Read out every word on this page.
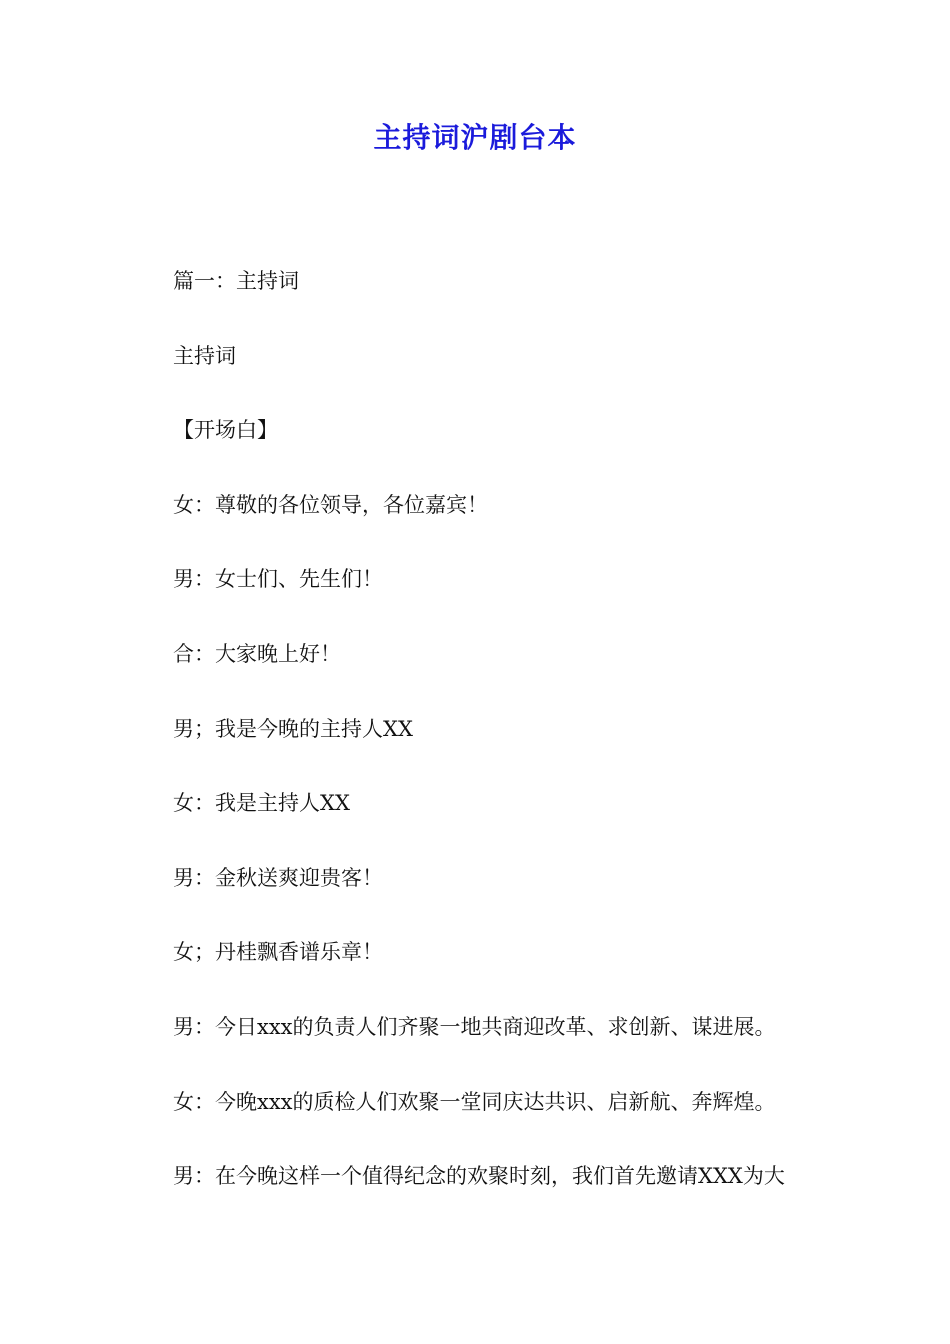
主持词沪剧台本
篇一：主持词
主持词
【开场白】
女：尊敬的各位领导，各位嘉宾！
男：女士们、先生们！
合：大家晚上好！
男；我是今晚的主持人XX
女：我是主持人XX
男：金秋送爽迎贵客！
女；丹桂飘香谱乐章！
男：今日xxx的负责人们齐聚一地共商迎改革、求创新、谋进展。
女：今晚xxx的质检人们欢聚一堂同庆达共识、启新航、奔辉煌。
男：在今晚这样一个值得纪念的欢聚时刻，我们首先邀请XXX为大
